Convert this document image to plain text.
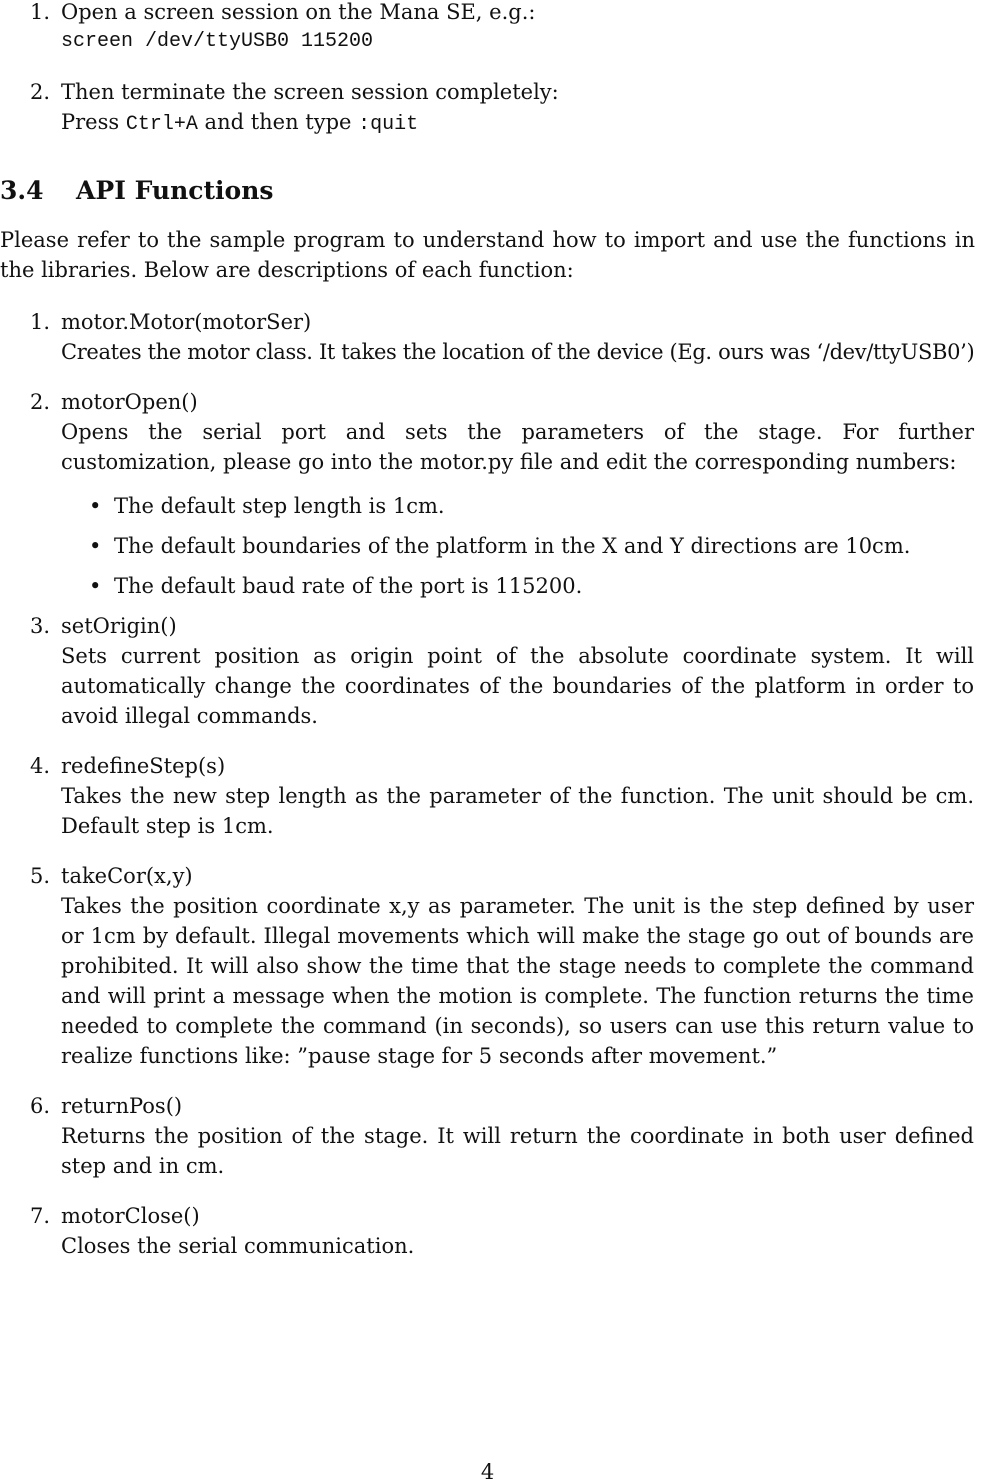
1. Open a screen session on the Mana SE, e.g.:
screen /dev/ttyUSB0 115200
2. Then terminate the screen session completely:
Press Ctrl+A and then type :quit
3.4 API Functions

Please refer to the sample program to understand how to import and use the functions in the libraries. Below are descriptions of each function:

1. motor.Motor(motorSer)
Creates the motor class. It takes the location of the device (Eg. ours was ‘/dev/ttyUSB0’)
2. motorOpen()
Opens the serial port and sets the parameters of the stage. For further customization, please go into the motor.py file and edit the corresponding numbers:
• The default step length is 1cm.
• The default boundaries of the platform in the X and Y directions are 10cm.
• The default baud rate of the port is 115200.
3. setOrigin()
Sets current position as origin point of the absolute coordinate system. It will automatically change the coordinates of the boundaries of the platform in order to avoid illegal commands.
4. redefineStep(s)
Takes the new step length as the parameter of the function. The unit should be cm. Default step is 1cm.
5. takeCor(x,y)
Takes the position coordinate x,y as parameter. The unit is the step defined by user or 1cm by default. Illegal movements which will make the stage go out of bounds are prohibited. It will also show the time that the stage needs to complete the command and will print a message when the motion is complete. The function returns the time needed to complete the command (in seconds), so users can use this return value to realize functions like: ”pause stage for 5 seconds after movement.”
6. returnPos()
Returns the position of the stage. It will return the coordinate in both user defined step and in cm.
7. motorClose()
Closes the serial communication.
4
